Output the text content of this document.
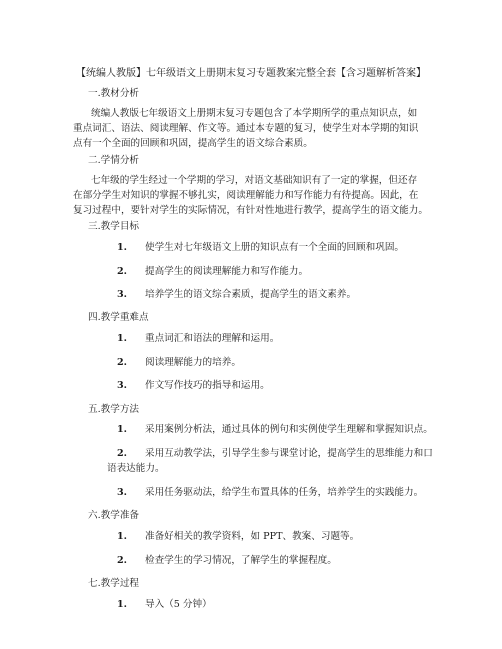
【统编人教版】七年级语文上册期末复习专题教案完整全套【含习题解析答案】
一.教材分析
统编人教版七年级语文上册期末复习专题包含了本学期所学的重点知识点，如
重点词汇、语法、阅读理解、作文等。通过本专题的复习，使学生对本学期的知识
点有一个全面的回顾和巩固，提高学生的语文综合素质。
二.学情分析
七年级的学生经过一个学期的学习，对语文基础知识有了一定的掌握，但还存
在部分学生对知识的掌握不够扎实，阅读理解能力和写作能力有待提高。因此，在
复习过程中，要针对学生的实际情况，有针对性地进行教学，提高学生的语文能力。
三.教学目标
1. 使学生对七年级语文上册的知识点有一个全面的回顾和巩固。
2. 提高学生的阅读理解能力和写作能力。
3. 培养学生的语文综合素质，提高学生的语文素养。
四.教学重难点
1. 重点词汇和语法的理解和运用。
2. 阅读理解能力的培养。
3. 作文写作技巧的指导和运用。
五.教学方法
1. 采用案例分析法，通过具体的例句和实例使学生理解和掌握知识点。
2. 采用互动教学法，引导学生参与课堂讨论，提高学生的思维能力和口
语表达能力。
3. 采用任务驱动法，给学生布置具体的任务，培养学生的实践能力。
六.教学准备
1. 准备好相关的教学资料，如 PPT、教案、习题等。
2. 检查学生的学习情况，了解学生的掌握程度。
七.教学过程
1. 导入（5 分钟）
